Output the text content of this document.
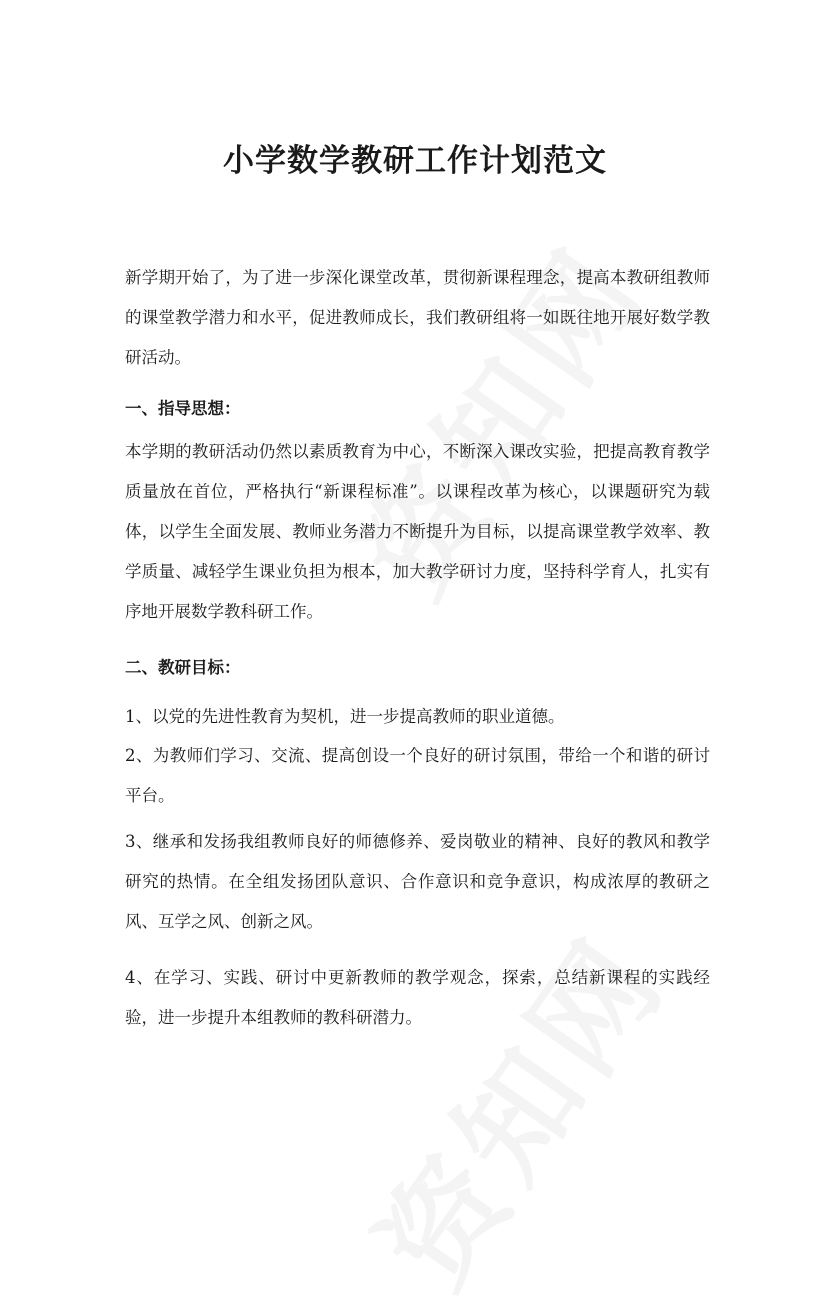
小学数学教研工作计划范文

新学期开始了，为了进一步深化课堂改革，贯彻新课程理念，提高本教研组教师的课堂教学潜力和水平，促进教师成长，我们教研组将一如既往地开展好数学教研活动。

一、指导思想：

本学期的教研活动仍然以素质教育为中心，不断深入课改实验，把提高教育教学质量放在首位，严格执行“新课程标准”。以课程改革为核心，以课题研究为载体，以学生全面发展、教师业务潜力不断提升为目标，以提高课堂教学效率、教学质量、减轻学生课业负担为根本，加大教学研讨力度，坚持科学育人，扎实有序地开展数学教科研工作。

二、教研目标：

1、以党的先进性教育为契机，进一步提高教师的职业道德。

2、为教师们学习、交流、提高创设一个良好的研讨氛围，带给一个和谐的研讨平台。

3、继承和发扬我组教师良好的师德修养、爱岗敬业的精神、良好的教风和教学研究的热情。在全组发扬团队意识、合作意识和竞争意识，构成浓厚的教研之风、互学之风、创新之风。

4、在学习、实践、研讨中更新教师的教学观念，探索，总结新课程的实践经验，进一步提升本组教师的教科研潜力。
